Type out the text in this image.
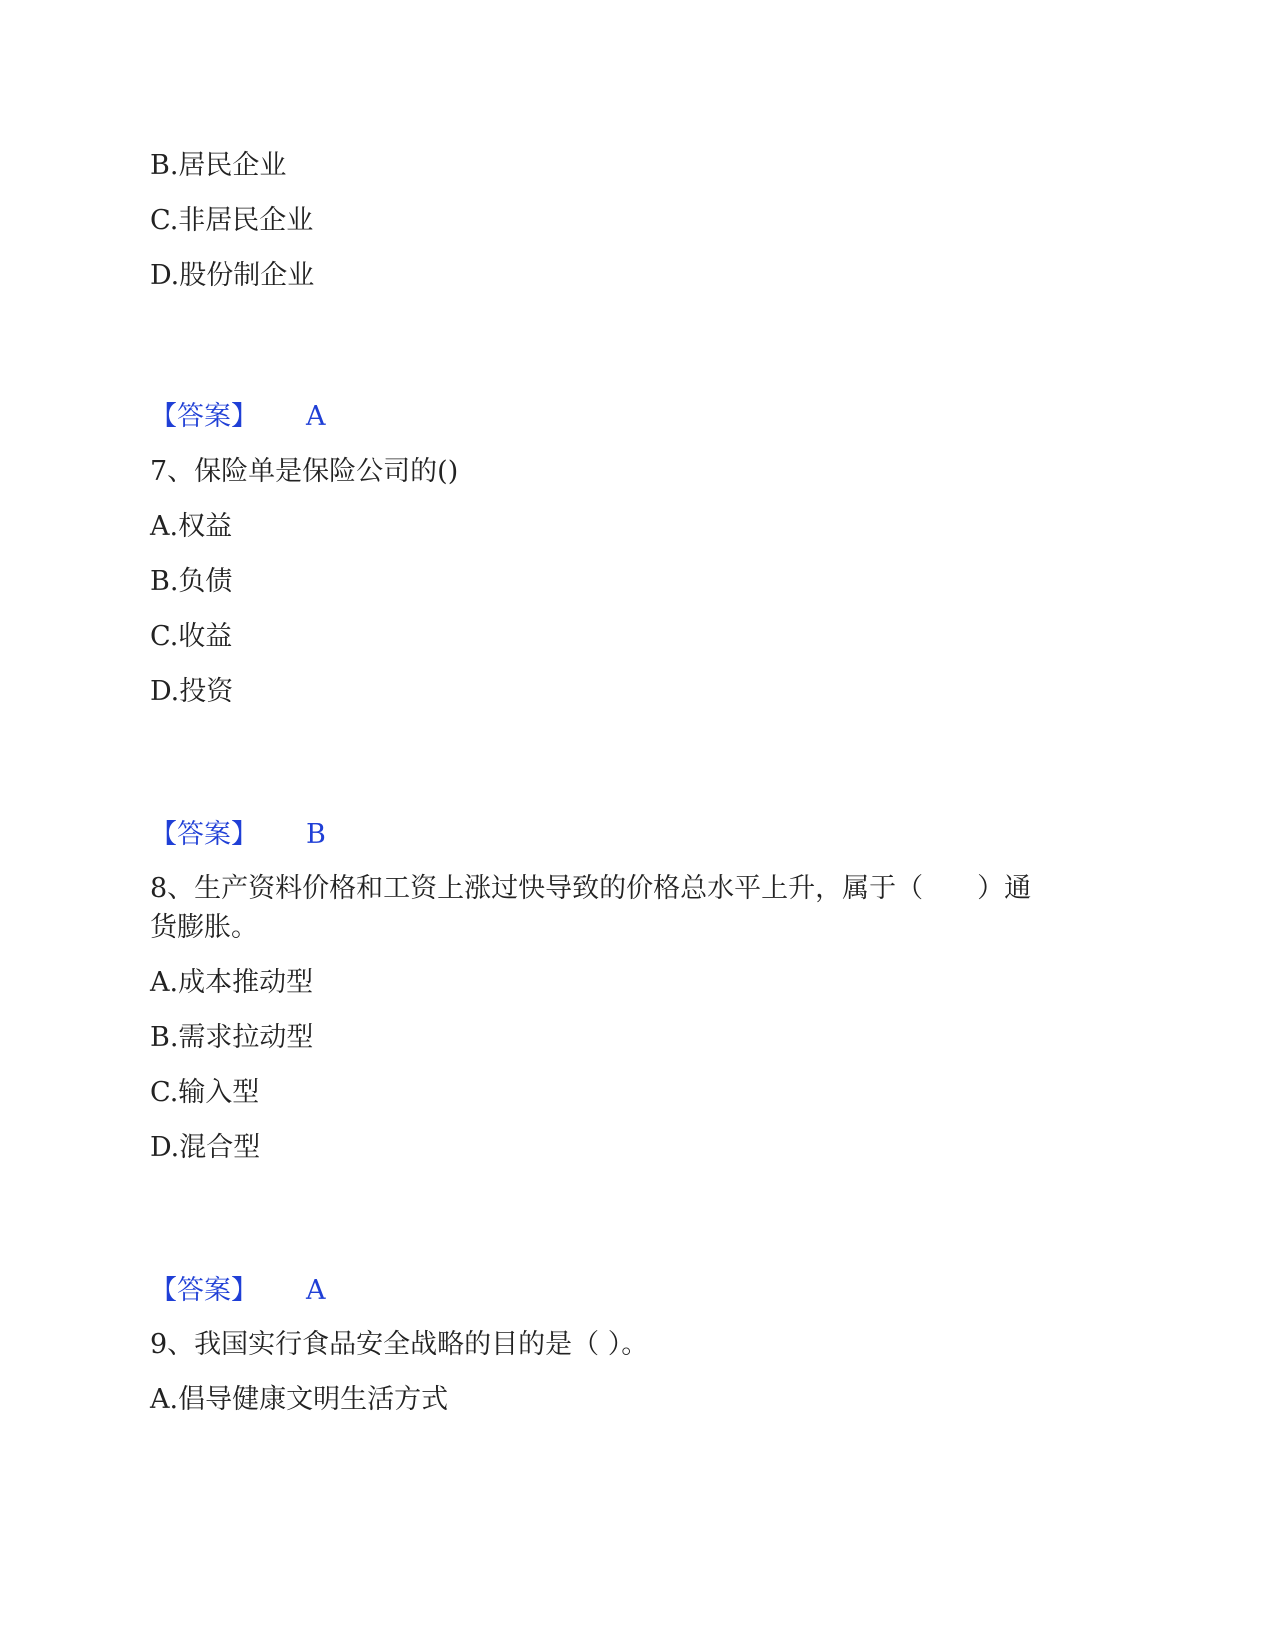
B.居民企业

C.非居民企业

D.股份制企业

【答案】 A

7、保险单是保险公司的()

A.权益

B.负债

C.收益

D.投资

【答案】 B

8、生产资料价格和工资上涨过快导致的价格总水平上升，属于（　　）通

货膨胀。

A.成本推动型

B.需求拉动型

C.输入型

D.混合型

【答案】 A

9、我国实行食品安全战略的目的是（ ）。

A.倡导健康文明生活方式
